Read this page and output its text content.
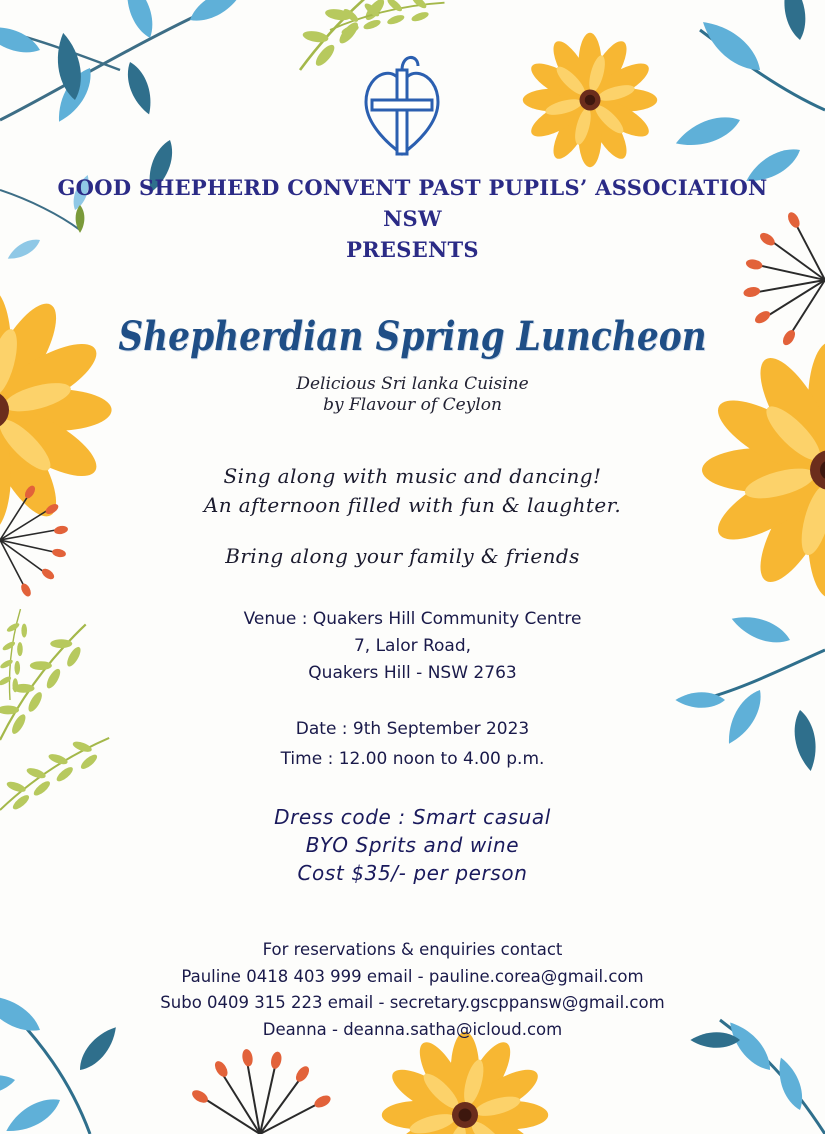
GOOD SHEPHERD CONVENT PAST PUPILS’ ASSOCIATION
NSW
PRESENTS
Shepherdian Spring Luncheon
Delicious Sri lanka Cuisine
by Flavour of Ceylon
Sing along with music and dancing!
An afternoon filled with fun & laughter.
Bring along your family & friends
Venue : Quakers Hill Community Centre
7, Lalor Road,
Quakers Hill - NSW 2763
Date : 9th September 2023
Time : 12.00 noon to 4.00 p.m.
Dress code : Smart casual
BYO Sprits and wine
Cost $35/- per person
For reservations & enquiries contact
Pauline 0418 403 999 email - pauline.corea@gmail.com
Subo 0409 315 223 email - secretary.gscppansw@gmail.com
Deanna - deanna.satha@icloud.com
